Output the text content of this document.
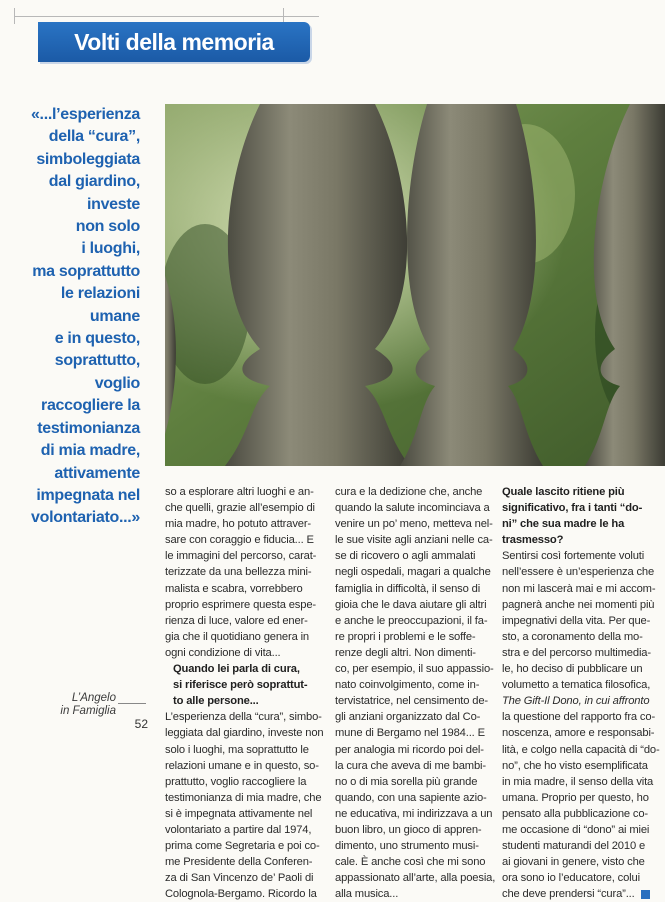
Volti della memoria
«...l’esperienza
della “cura”,
simboleggiata
dal giardino,
investe
non solo
i luoghi,
ma soprattutto
le relazioni
umane
e in questo,
soprattutto,
voglio
raccogliere la
testimonianza
di mia madre,
attivamente
impegnata nel
volontariato...»
L’Angelo
in Famiglia
52
so a esplorare altri luoghi e an-
che quelli, grazie all’esempio di
mia madre, ho potuto attraver-
sare con coraggio e fiducia... E
le immagini del percorso, carat-
terizzate da una bellezza mini-
malista e scabra, vorrebbero
proprio esprimere questa espe-
rienza di luce, valore ed ener-
gia che il quotidiano genera in
ogni condizione di vita...
Quando lei parla di cura,
si riferisce però soprattut-
to alle persone...
L’esperienza della “cura”, simbo-
leggiata dal giardino, investe non
solo i luoghi, ma soprattutto le
relazioni umane e in questo, so-
prattutto, voglio raccogliere la
testimonianza di mia madre, che
si è impegnata attivamente nel
volontariato a partire dal 1974,
prima come Segretaria e poi co-
me Presidente della Conferen-
za di San Vincenzo de’ Paoli di
Colognola-Bergamo. Ricordo la
cura e la dedizione che, anche
quando la salute incominciava a
venire un po’ meno, metteva nel-
le sue visite agli anziani nelle ca-
se di ricovero o agli ammalati
negli ospedali, magari a qualche
famiglia in difficoltà, il senso di
gioia che le dava aiutare gli altri
e anche le preoccupazioni, il fa-
re propri i problemi e le soffe-
renze degli altri. Non dimenti-
co, per esempio, il suo appassio-
nato coinvolgimento, come in-
tervistatrice, nel censimento de-
gli anziani organizzato dal Co-
mune di Bergamo nel 1984... E
per analogia mi ricordo poi del-
la cura che aveva di me bambi-
no o di mia sorella più grande
quando, con una sapiente azio-
ne educativa, mi indirizzava a un
buon libro, un gioco di appren-
dimento, uno strumento musi-
cale. È anche così che mi sono
appassionato all’arte, alla poesia,
alla musica...
Quale lascito ritiene più
significativo, fra i tanti “do-
ni” che sua madre le ha
trasmesso?
Sentirsi così fortemente voluti
nell’essere è un’esperienza che
non mi lascerà mai e mi accom-
pagnerà anche nei momenti più
impegnativi della vita. Per que-
sto, a coronamento della mo-
stra e del percorso multimedia-
le, ho deciso di pubblicare un
volumetto a tematica filosofica,
The Gift-Il Dono, in cui affronto
la questione del rapporto fra co-
noscenza, amore e responsabi-
lità, e colgo nella capacità di “do-
no”, che ho visto esemplificata
in mia madre, il senso della vita
umana. Proprio per questo, ho
pensato alla pubblicazione co-
me occasione di “dono” ai miei
studenti maturandi del 2010 e
ai giovani in genere, visto che
ora sono io l’educatore, colui
che deve prendersi “cura”...
